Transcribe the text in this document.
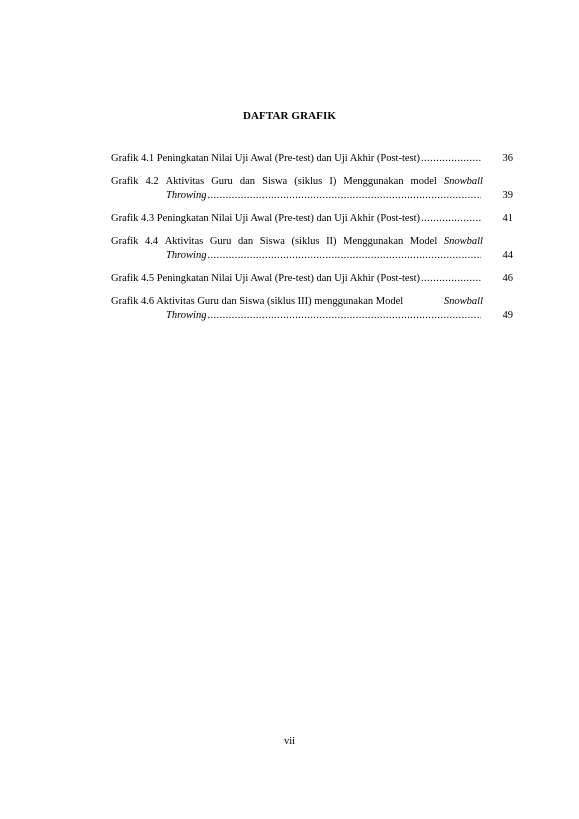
DAFTAR GRAFIK
Grafik 4.1 Peningkatan Nilai Uji Awal (Pre-test) dan Uji Akhir (Post-test) .....	36
Grafik 4.2 Aktivitas Guru dan Siswa (siklus I) Menggunakan model Snowball
Throwing .....	39
Grafik 4.3 Peningkatan Nilai Uji Awal (Pre-test) dan Uji Akhir (Post-test) .....	41
Grafik 4.4 Aktivitas Guru dan Siswa (siklus II) Menggunakan Model Snowball
Throwing .....	44
Grafik 4.5 Peningkatan Nilai Uji Awal (Pre-test) dan Uji Akhir (Post-test) .....	46
Grafik 4.6 Aktivitas Guru dan Siswa (siklus III) menggunakan Model	Snowball
Throwing .....	49
vii
